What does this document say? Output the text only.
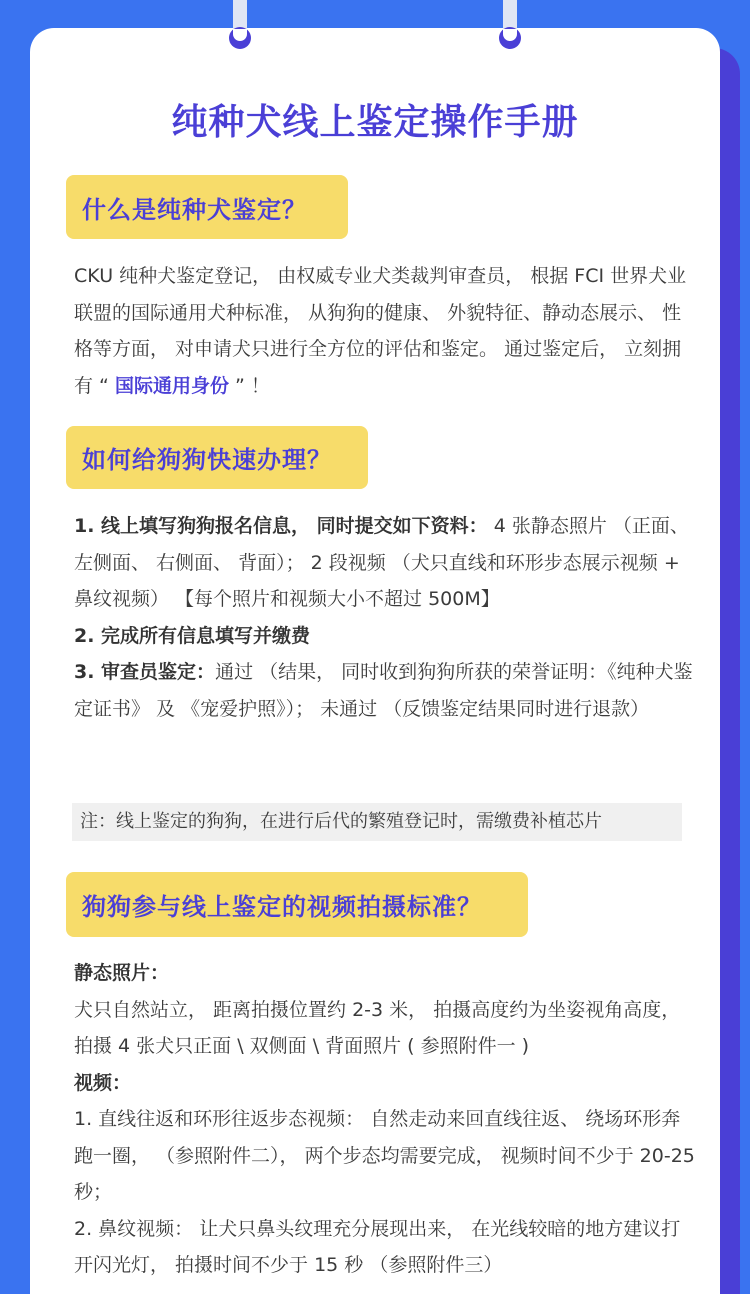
纯种犬线上鉴定操作手册
什么是纯种犬鉴定？
CKU 纯种犬鉴定登记， 由权威专业犬类裁判审查员， 根据 FCI 世界犬业联盟的国际通用犬种标准， 从狗狗的健康、 外貌特征、静动态展示、 性格等方面， 对申请犬只进行全方位的评估和鉴定。 通过鉴定后， 立刻拥有 “ 国际通用身份 ” ！
如何给狗狗快速办理？
1. 线上填写狗狗报名信息， 同时提交如下资料： 4 张静态照片 （正面、 左侧面、 右侧面、 背面）； 2 段视频 （犬只直线和环形步态展示视频 + 鼻纹视频） 【每个照片和视频大小不超过 500M】
2. 完成所有信息填写并缴费
3. 审查员鉴定：通过 （结果， 同时收到狗狗所获的荣誉证明：《纯种犬鉴定证书》 及 《宠爱护照》）； 未通过 （反馈鉴定结果同时进行退款）
注：线上鉴定的狗狗，在进行后代的繁殖登记时，需缴费补植芯片
狗狗参与线上鉴定的视频拍摄标准？
静态照片：
犬只自然站立， 距离拍摄位置约 2-3 米， 拍摄高度约为坐姿视角高度， 拍摄 4 张犬只正面 \ 双侧面 \ 背面照片 ( 参照附件一 )
视频：
1. 直线往返和环形往返步态视频： 自然走动来回直线往返、 绕场环形奔跑一圈， （参照附件二）， 两个步态均需要完成， 视频时间不少于 20-25 秒；
2. 鼻纹视频： 让犬只鼻头纹理充分展现出来， 在光线较暗的地方建议打开闪光灯， 拍摄时间不少于 15 秒 （参照附件三）
